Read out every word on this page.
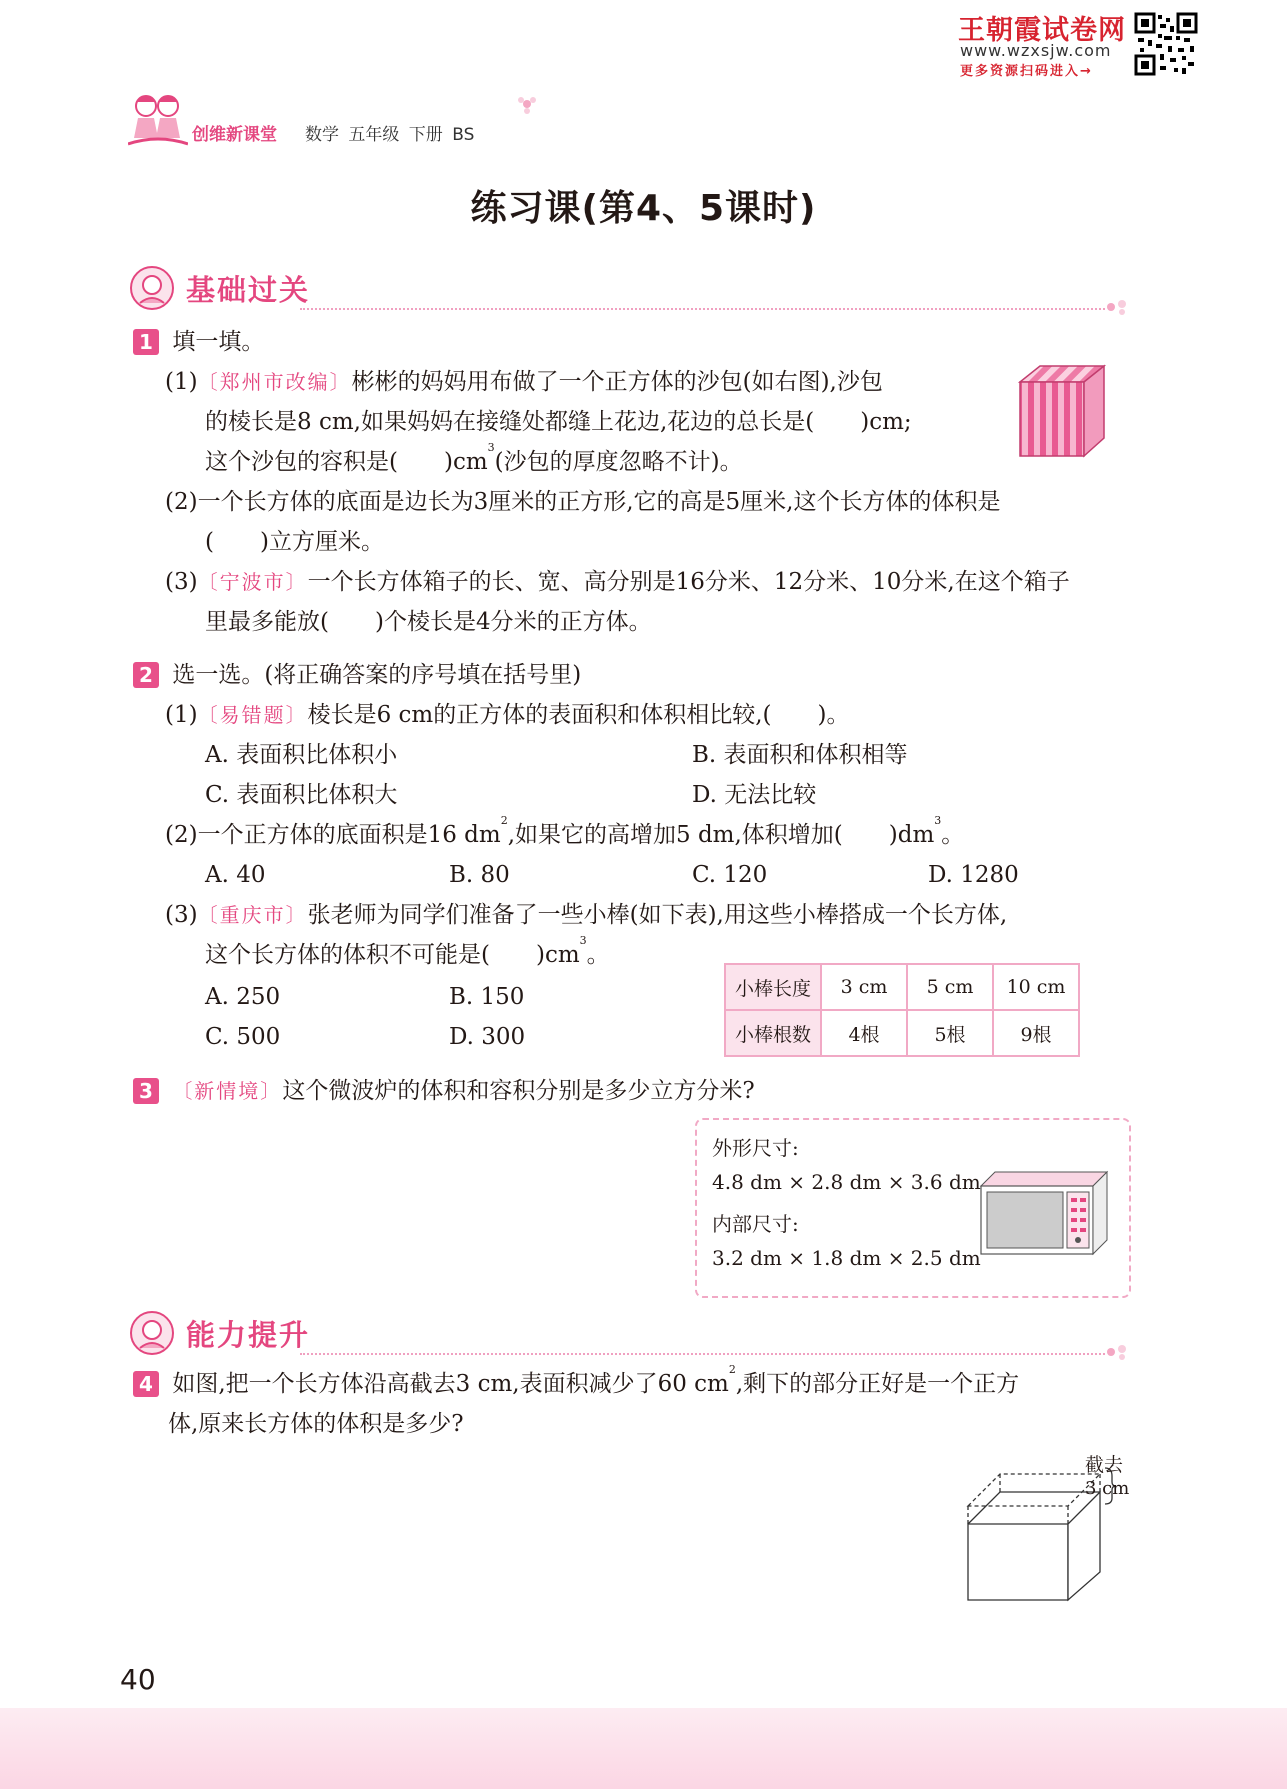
王朝霞试卷网
www.wzxsjw.com
更多资源扫码进入→
创维新课堂 数学 五年级 下册 BS
练习课(第4、5课时)
基础过关
1 填一填。
(1)〔郑州市改编〕彬彬的妈妈用布做了一个正方体的沙包(如右图),沙包
的棱长是8 cm,如果妈妈在接缝处都缝上花边,花边的总长是(　　)cm;
这个沙包的容积是(　　)$cm^3$(沙包的厚度忽略不计)。
(2)一个长方体的底面是边长为3厘米的正方形,它的高是5厘米,这个长方体的体积是
(　　)立方厘米。
(3)〔宁波市〕一个长方体箱子的长、宽、高分别是16分米、12分米、10分米,在这个箱子
里最多能放(　　)个棱长是4分米的正方体。
2 选一选。(将正确答案的序号填在括号里)
(1)〔易错题〕棱长是6 cm的正方体的表面积和体积相比较,(　　)。
A. 表面积比体积小	B. 表面积和体积相等
C. 表面积比体积大	D. 无法比较
(2)一个正方体的底面积是16 $dm^2$,如果它的高增加5 dm,体积增加(　　)$dm^3$。
A. 40	B. 80	C. 120	D. 1280
(3)〔重庆市〕张老师为同学们准备了一些小棒(如下表),用这些小棒搭成一个长方体,
这个长方体的体积不可能是(　　)$cm^3$。
A. 250	B. 150
C. 500	D. 300
小棒长度	3 cm	5 cm	10 cm
小棒根数	4根	5根	9根
3 〔新情境〕这个微波炉的体积和容积分别是多少立方分米?
外形尺寸:
4.8 dm × 2.8 dm × 3.6 dm
内部尺寸:
3.2 dm × 1.8 dm × 2.5 dm
能力提升
4 如图,把一个长方体沿高截去3 cm,表面积减少了60 $cm^2$,剩下的部分正好是一个正方
体,原来长方体的体积是多少?
截去
3 cm
40
